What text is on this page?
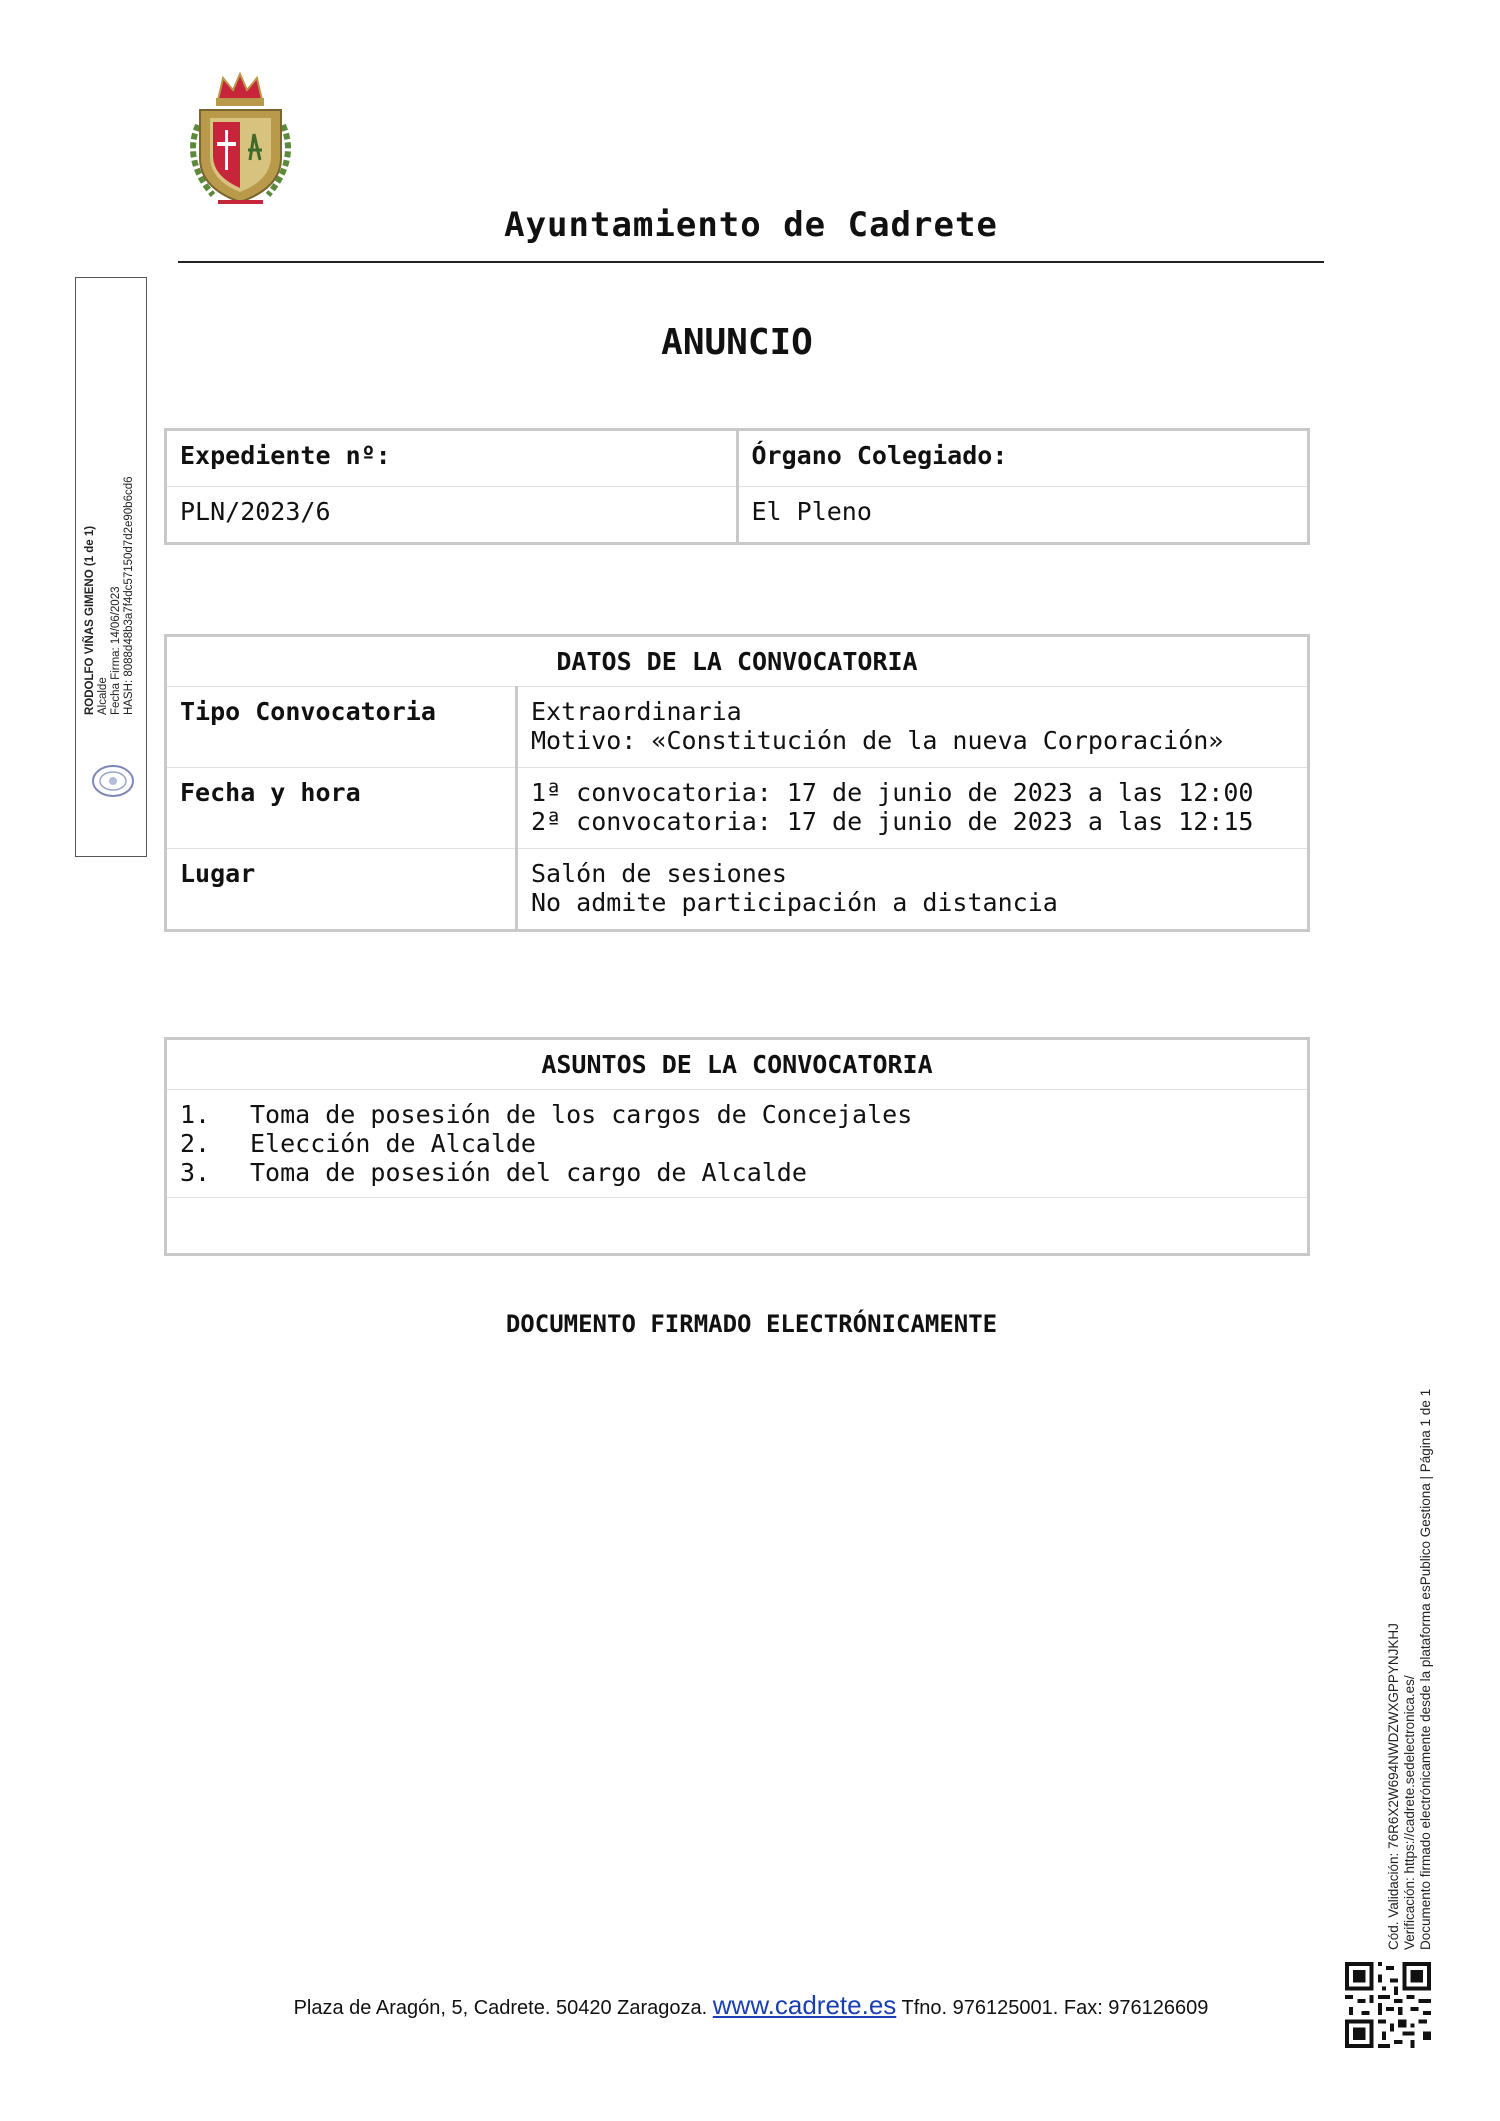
Ayuntamiento de Cadrete
ANUNCIO
Expediente nº:	Órgano Colegiado:
PLN/2023/6	El Pleno
DATOS DE LA CONVOCATORIA	
Tipo Convocatoria	Extraordinaria
Motivo: «Constitución de la nueva Corporación»

Fecha y hora	1ª convocatoria: 17 de junio de 2023 a las 12:00
2ª convocatoria: 17 de junio de 2023 a las 12:15

Lugar	Salón de sesiones
No admite participación a distancia
ASUNTOS DE LA CONVOCATORIA

1.	Toma de posesión de los cargos de Concejales
2.	Elección de Alcalde
3.	Toma de posesión del cargo de Alcalde

DOCUMENTO FIRMADO ELECTRÓNICAMENTE
RODOLFO VIÑAS GIMENO (1 de 1) Alcalde Fecha Firma: 14/06/2023 HASH: 8088d48b3a7f4dc57150d7d2e90b6cd6
Cód. Validación: 76R6X2W694NWDZWXGPPYNJKHJ Verificación: https://cadrete.sedelectronica.es/ Documento firmado electrónicamente desde la plataforma esPublico Gestiona | Página 1 de 1
Plaza de Aragón, 5, Cadrete. 50420 Zaragoza. www.cadrete.es Tfno. 976125001. Fax: 976126609
